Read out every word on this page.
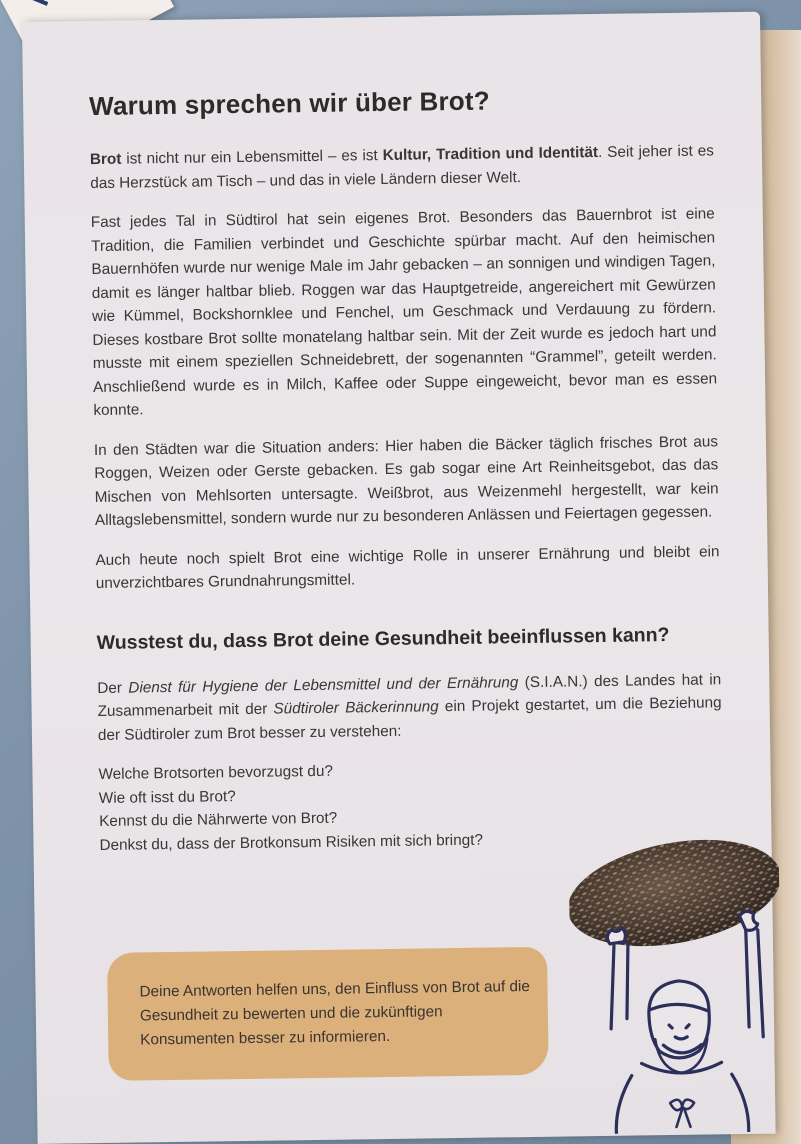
Warum sprechen wir über Brot?

Brot ist nicht nur ein Lebensmittel – es ist Kultur, Tradition und Identität. Seit jeher ist es das Herzstück am Tisch – und das in viele Ländern dieser Welt.

Fast jedes Tal in Südtirol hat sein eigenes Brot. Besonders das Bauernbrot ist eine Tradition, die Familien verbindet und Geschichte spürbar macht. Auf den heimischen Bauernhöfen wurde nur wenige Male im Jahr gebacken – an sonnigen und windigen Tagen, damit es länger haltbar blieb. Roggen war das Hauptgetreide, angereichert mit Gewürzen wie Kümmel, Bockshornklee und Fenchel, um Geschmack und Verdauung zu fördern. Dieses kostbare Brot sollte monatelang haltbar sein. Mit der Zeit wurde es jedoch hart und musste mit einem speziellen Schneidebrett, der sogenannten “Grammel”, geteilt werden. Anschließend wurde es in Milch, Kaffee oder Suppe eingeweicht, bevor man es essen konnte.

In den Städten war die Situation anders: Hier haben die Bäcker täglich frisches Brot aus Roggen, Weizen oder Gerste gebacken. Es gab sogar eine Art Reinheitsgebot, das das Mischen von Mehlsorten untersagte. Weißbrot, aus Weizenmehl hergestellt, war kein Alltagslebensmittel, sondern wurde nur zu besonderen Anlässen und Feiertagen gegessen.

Auch heute noch spielt Brot eine wichtige Rolle in unserer Ernährung und bleibt ein unverzichtbares Grundnahrungsmittel.

Wusstest du, dass Brot deine Gesundheit beeinflussen kann?

Der Dienst für Hygiene der Lebensmittel und der Ernährung (S.I.A.N.) des Landes hat in Zusammenarbeit mit der Südtiroler Bäckerinnung ein Projekt gestartet, um die Beziehung der Südtiroler zum Brot besser zu verstehen:

Welche Brotsorten bevorzugst du?
Wie oft isst du Brot?
Kennst du die Nährwerte von Brot?
Denkst du, dass der Brotkonsum Risiken mit sich bringt?
Deine Antworten helfen uns, den Einfluss von Brot auf die Gesundheit zu bewerten und die zukünftigen Konsumenten besser zu informieren.
